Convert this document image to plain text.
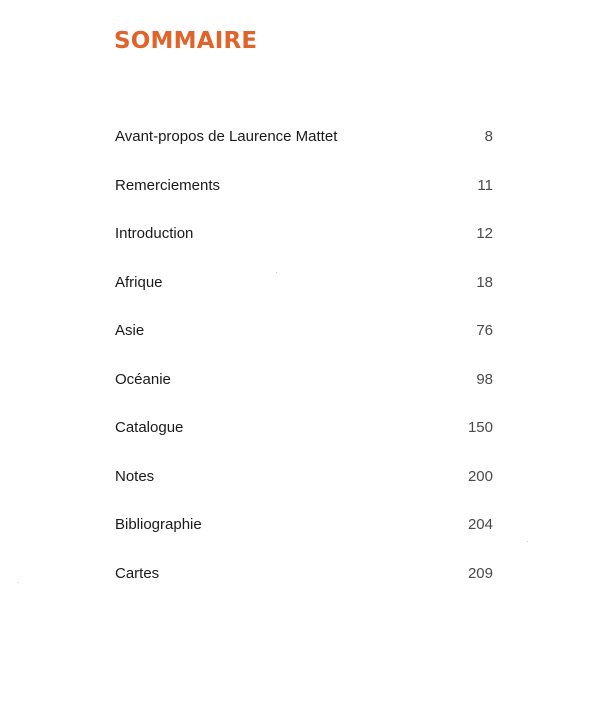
SOMMAIRE
Avant-propos de Laurence Mattet	8
Remerciements	11
Introduction	12
Afrique	18
Asie	76
Océanie	98
Catalogue	150
Notes	200
Bibliographie	204
Cartes	209
